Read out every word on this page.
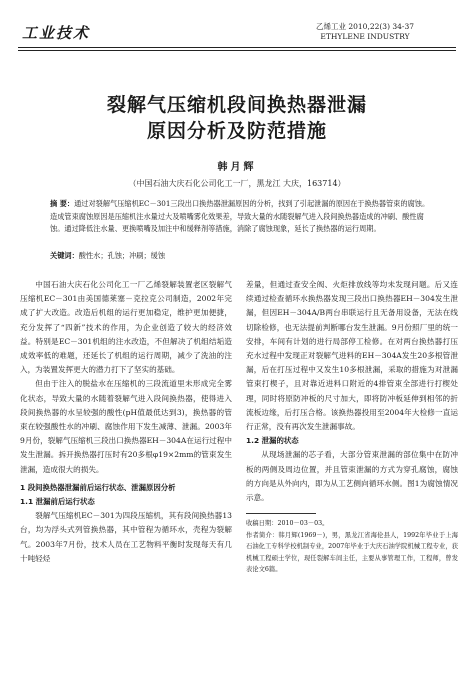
工业技术	乙烯工业 2010,22(3) 34-37
ETHYLENE INDUSTRY
裂解气压缩机段间换热器泄漏
原因分析及防范措施
韩月辉
（中国石油大庆石化公司化工一厂，黑龙江 大庆，163714）
摘 要：通过对裂解气压缩机EC－301三段出口换热器泄漏原因的分析，找到了引起泄漏的原因在于换热器管束的腐蚀。造成管束腐蚀原因是压缩机注水量过大及喷嘴雾化效果差，导致大量的水随裂解气进入段间换热器造成的冲刷、酸性腐蚀。通过降低注水量、更换喷嘴及加注中和缓释剂等措施，消除了腐蚀现象，延长了换热器的运行周期。
关键词：酸性水；孔蚀；冲刷；缓蚀

中国石油大庆石化公司化工一厂乙烯裂解装置老区裂解气压缩机EC－301由美国德莱塞－克拉克公司制造，2002年完成了扩大改造。改造后机组的运行更加稳定，维护更加便捷，充分发挥了“四新”技术的作用，为企业创造了较大的经济效益。特别是EC－301机组的注水改造，不但解决了机组结垢造成效率低的难题，还延长了机组的运行周期，减少了洗油的注入，为装置发挥更大的潜力打下了坚实的基础。

但由于注入的脱盐水在压缩机的三段流道里未形成完全雾化状态，导致大量的水随着裂解气进入段间换热器，使得进入段间换热器的水呈较强的酸性(pH值最低达到3)，换热器的管束在较强酸性水的冲刷、腐蚀作用下发生减薄、泄漏。2003年9月份，裂解气压缩机三段出口换热器EH－304A在运行过程中发生泄漏。拆开换热器打压时有20多根φ19×2mm的管束发生泄漏，造成很大的损失。

1 段间换热器泄漏前后运行状态、泄漏原因分析

1.1 泄漏前后运行状态

裂解气压缩机EC－301为四段压缩机，其有段间换热器13台，均为浮头式列管换热器，其中管程为循环水，壳程为裂解气。2003年7月份，技术人员在工艺物料平衡时发现每天有几十吨轻烃

差量，但通过查安全阀、火炬排放线等均未发现问题。后又连续通过检查循环水换热器发现三段出口换热器EH－304发生泄漏，但因EH－304A/B两台串联运行且无备用设备，无法在线切除检修，也无法提前判断哪台发生泄漏。9月份照厂里的统一安排，车间有计划的进行局部停工检修。在对两台换热器打压充水过程中发现正对裂解气进料的EH－304A发生20多根管泄漏，后在打压过程中又发生10多根泄漏，采取的措施为对泄漏管束打楔子，且对靠近进料口附近的4排管束全部进行打楔处理，同时将原防冲板的尺寸加大，即将防冲板延伸到相邻的折流板边缘，后打压合格。该换热器投用至2004年大检修一直运行正常，没有再次发生泄漏事故。

1.2 泄漏的状态

从现场泄漏的芯子看，大部分管束泄漏的部位集中在防冲板的两侧及周边位置，并且管束泄漏的方式为穿孔腐蚀，腐蚀的方向是从外向内，即为从工艺侧向循环水侧。图1为腐蚀情况示意。

收稿日期：2010－03－03。

作者简介：韩月辉(1969－)，男，黑龙江省海伦县人，1992年毕业于上海石油化工专科学校机制专业，2007年毕业于大庆石油学院机械工程专业，获机械工程硕士学位，现任裂解车间主任，主要从事管理工作，工程师，曾发表论文6篇。
